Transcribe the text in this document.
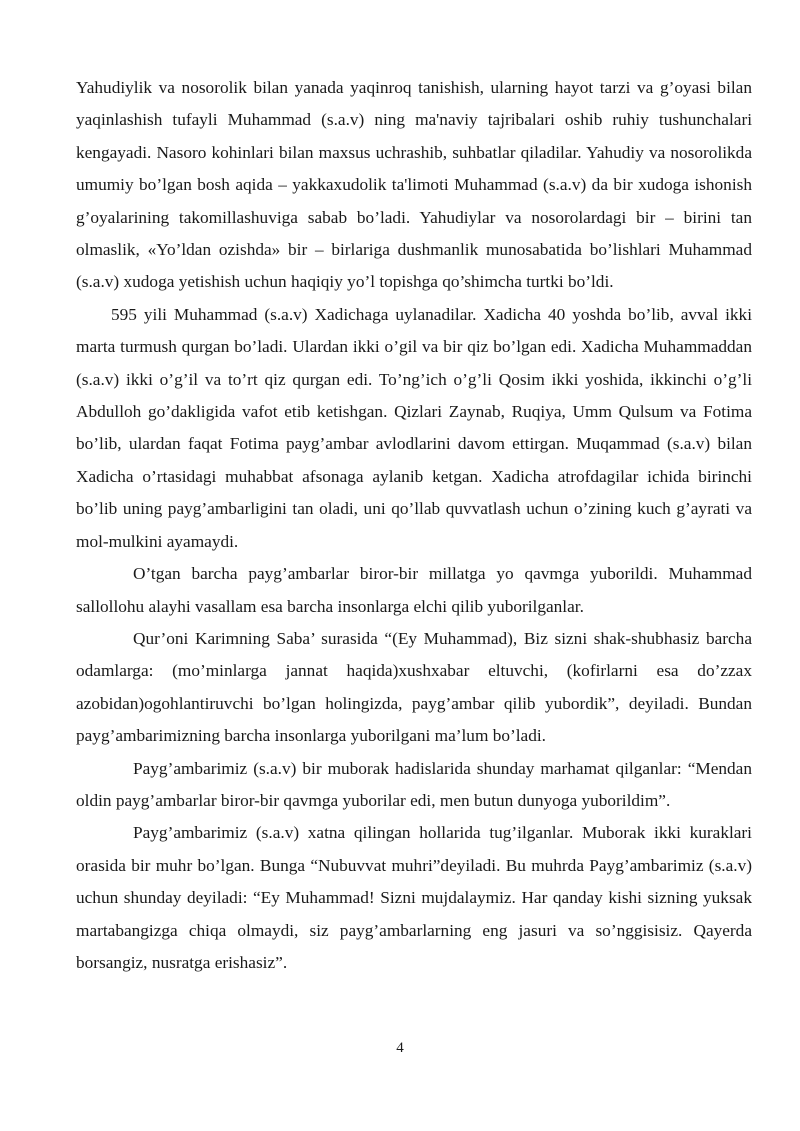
Yahudiylik va nosorolik bilan yanada yaqinroq tanishish, ularning hayot tarzi va g’oyasi bilan yaqinlashish tufayli Muhammad (s.a.v) ning ma'naviy tajribalari oshib ruhiy tushunchalari kengayadi. Nasoro kohinlari bilan maxsus uchrashib, suhbatlar qiladilar. Yahudiy va nosorolikda umumiy bo’lgan bosh aqida – yakkaxudolik ta'limoti Muhammad (s.a.v) da bir xudoga ishonish g’oyalarining takomillashuviga sabab bo’ladi. Yahudiylar va nosorolardagi bir – birini tan olmaslik, «Yo’ldan ozishda» bir – birlariga dushmanlik munosabatida bo’lishlari Muhammad (s.a.v) xudoga yetishish uchun haqiqiy yo’l topishga qo’shimcha turtki bo’ldi.

595 yili Muhammad (s.a.v) Xadichaga uylanadilar. Xadicha 40 yoshda bo’lib, avval ikki marta turmush qurgan bo’ladi. Ulardan ikki o’gil va bir qiz bo’lgan edi. Xadicha Muhammaddan (s.a.v) ikki o’g’il va to’rt qiz qurgan edi. To’ng’ich o’g’li Qosim ikki yoshida, ikkinchi o’g’li Abdulloh go’dakligida vafot etib ketishgan. Qizlari Zaynab, Ruqiya, Umm Qulsum va Fotima bo’lib, ulardan faqat Fotima payg’ambar avlodlarini davom ettirgan. Muqammad (s.a.v) bilan Xadicha o’rtasidagi muhabbat afsonaga aylanib ketgan. Xadicha atrofdagilar ichida birinchi bo’lib uning payg’ambarligini tan oladi, uni qo’llab quvvatlash uchun o’zining kuch g’ayrati va mol-mulkini ayamaydi.

O’tgan barcha payg’ambarlar biror-bir millatga yo qavmga yuborildi. Muhammad sallollohu alayhi vasallam esa barcha insonlarga elchi qilib yuborilganlar.

Qur’oni Karimning Saba’ surasida “(Ey Muhammad), Biz sizni shak-shubhasiz barcha odamlarga: (mo’minlarga jannat haqida)xushxabar eltuvchi, (kofirlarni esa do’zzax azobidan)ogohlantiruvchi bo’lgan holingizda, payg’ambar qilib yubordik”, deyiladi. Bundan payg’ambarimizning barcha insonlarga yuborilgani ma’lum bo’ladi.

Payg’ambarimiz (s.a.v) bir muborak hadislarida shunday marhamat qilganlar: “Mendan oldin payg’ambarlar biror-bir qavmga yuborilar edi, men butun dunyoga yuborildim”.

Payg’ambarimiz (s.a.v) xatna qilingan hollarida tug’ilganlar. Muborak ikki kuraklari orasida bir muhr bo’lgan. Bunga “Nubuvvat muhri”deyiladi. Bu muhrda Payg’ambarimiz (s.a.v) uchun shunday deyiladi: “Ey Muhammad! Sizni mujdalaymiz. Har qanday kishi sizning yuksak martabangizga chiqa olmaydi, siz payg’ambarlarning eng jasuri va so’nggisisiz. Qayerda borsangiz, nusratga erishasiz”.

4
